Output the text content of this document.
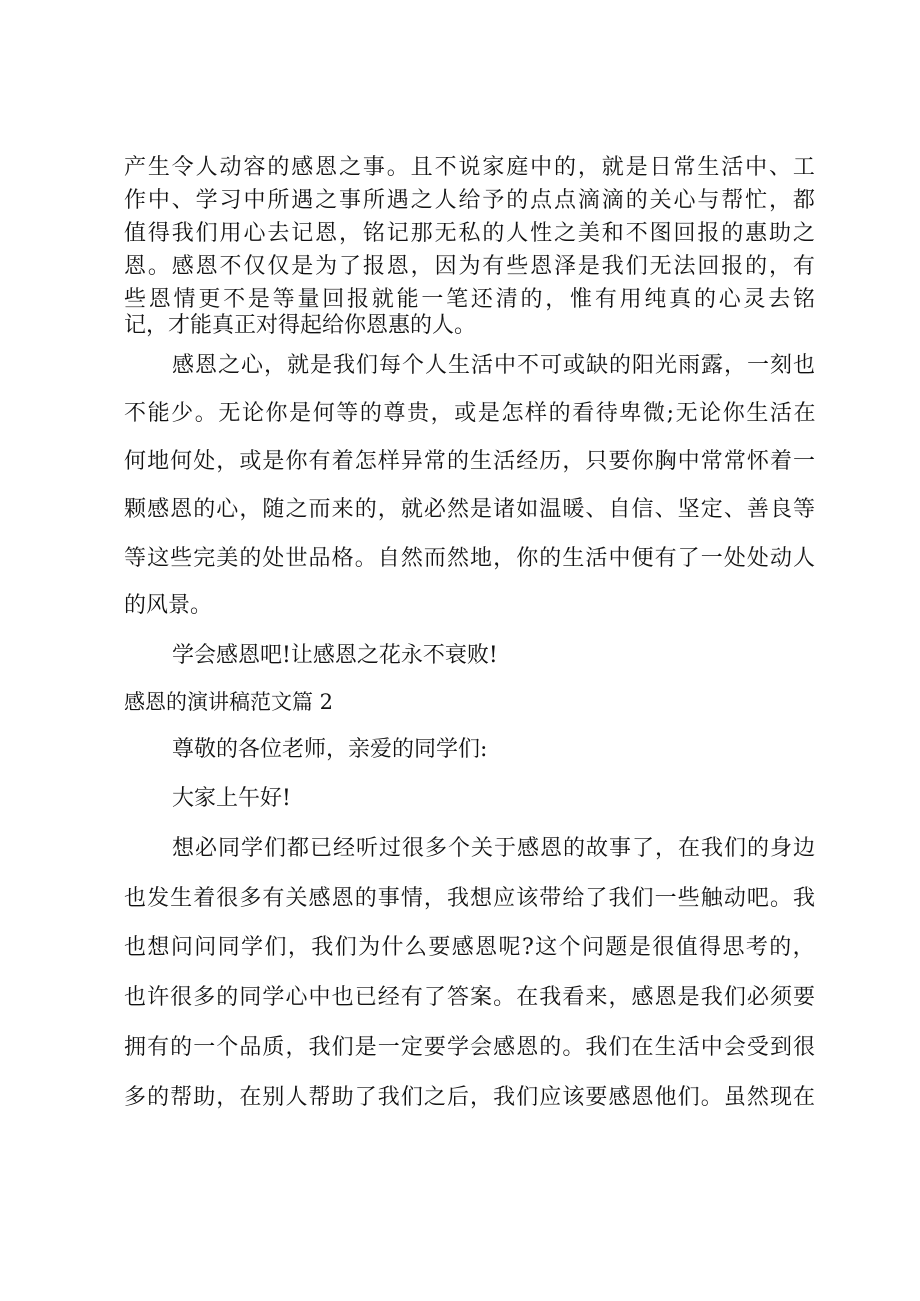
产生令人动容的感恩之事。且不说家庭中的，就是日常生活中、工
作中、学习中所遇之事所遇之人给予的点点滴滴的关心与帮忙，都
值得我们用心去记恩，铭记那无私的人性之美和不图回报的惠助之
恩。感恩不仅仅是为了报恩，因为有些恩泽是我们无法回报的，有
些恩情更不是等量回报就能一笔还清的，惟有用纯真的心灵去铭
记，才能真正对得起给你恩惠的人。
感恩之心，就是我们每个人生活中不可或缺的阳光雨露，一刻也
不能少。无论你是何等的尊贵，或是怎样的看待卑微;无论你生活在
何地何处，或是你有着怎样异常的生活经历，只要你胸中常常怀着一
颗感恩的心，随之而来的，就必然是诸如温暖、自信、坚定、善良等
等这些完美的处世品格。自然而然地，你的生活中便有了一处处动人
的风景。
学会感恩吧!让感恩之花永不衰败!
感恩的演讲稿范文篇 2
尊敬的各位老师，亲爱的同学们:
大家上午好!
想必同学们都已经听过很多个关于感恩的故事了，在我们的身边
也发生着很多有关感恩的事情，我想应该带给了我们一些触动吧。我
也想问问同学们，我们为什么要感恩呢?这个问题是很值得思考的，
也许很多的同学心中也已经有了答案。在我看来，感恩是我们必须要
拥有的一个品质，我们是一定要学会感恩的。我们在生活中会受到很
多的帮助，在别人帮助了我们之后，我们应该要感恩他们。虽然现在
